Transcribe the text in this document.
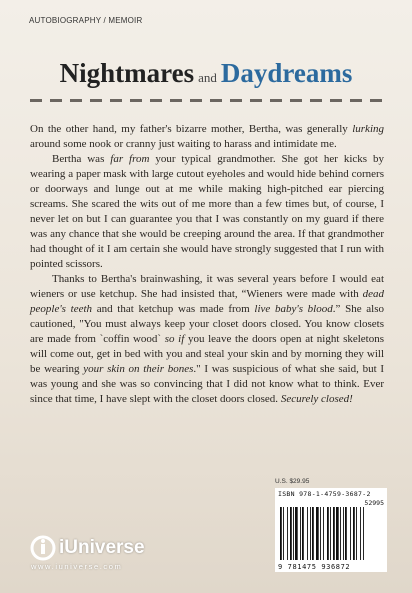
AUTOBIOGRAPHY / MEMOIR
Nightmares and Daydreams

On the other hand, my father's bizarre mother, Bertha, was generally lurking around some nook or cranny just waiting to harass and intimidate me.

Bertha was far from your typical grandmother. She got her kicks by wearing a paper mask with large cutout eyeholes and would hide behind corners or doorways and lunge out at me while making high-pitched ear piercing screams. She scared the wits out of me more than a few times but, of course, I never let on but I can guarantee you that I was constantly on my guard if there was any chance that she would be creeping around the area. If that grandmother had thought of it I am certain she would have strongly suggested that I run with pointed scissors.

Thanks to Bertha's brainwashing, it was several years before I would eat wieners or use ketchup. She had insisted that, “Wieners were made with dead people's teeth and that ketchup was made from live baby's blood.” She also cautioned, "You must always keep your closet doors closed. You know closets are made from `coffin wood` so if you leave the doors open at night skeletons will come out, get in bed with you and steal your skin and by morning they will be wearing your skin on their bones." I was suspicious of what she said, but I was young and she was so convincing that I did not know what to think. Ever since that time, I have slept with the closet doors closed. Securely closed!

U.S. $29.95
ISBN 978-1-4759-3687-2
52995
9 781475 936872
iUniverse
www.iuniverse.com
